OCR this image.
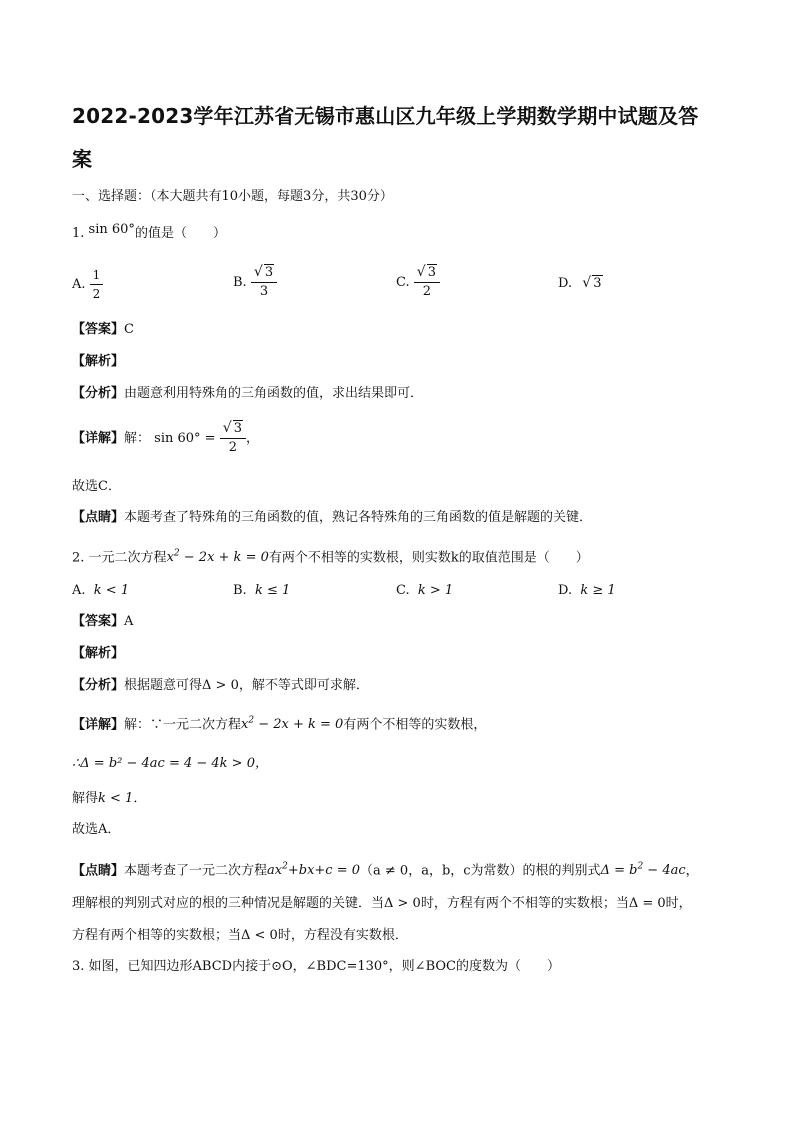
2022-2023学年江苏省无锡市惠山区九年级上学期数学期中试题及答
案
一、选择题：（本大题共有10小题，每题3分，共30分）
1. sin 60°的值是（　　）
A. $\frac{1}{2}$	B. √ $\frac{3}{3}$	C. √ $\frac{3}{2}$	D. √ 3
【答案】C
【解析】
【分析】由题意利用特殊角的三角函数的值，求出结果即可．
【详解】解： sin 60° = √ $\frac{3}{2}$ ，
故选C．
【点睛】本题考查了特殊角的三角函数的值，熟记各特殊角的三角函数的值是解题的关键．
2. 一元二次方程$x^2 - 2x + k = 0$有两个不相等的实数根，则实数k的取值范围是（　　）
A. k < 1	B. k ≤ 1	C. k > 1	D. k ≥ 1
【答案】A
【解析】
【分析】根据题意可得Δ > 0，解不等式即可求解．
【详解】解：∵一元二次方程$x^2 - 2x + k = 0$有两个不相等的实数根，
∴Δ = b² − 4ac = 4 − 4k > 0，
解得k < 1．
故选A．
【点睛】本题考查了一元二次方程$ax^2+bx+c = 0(a \ne 0$，a，b，c为常数）的根的判别式$\Delta = b^2 - 4ac$，
理解根的判别式对应的根的三种情况是解题的关键．当Δ > 0时，方程有两个不相等的实数根；当Δ = 0时，
方程有两个相等的实数根；当Δ < 0时，方程没有实数根．
3. 如图，已知四边形ABCD内接于⊙O，∠BDC=130°，则∠BOC的度数为（　　）
